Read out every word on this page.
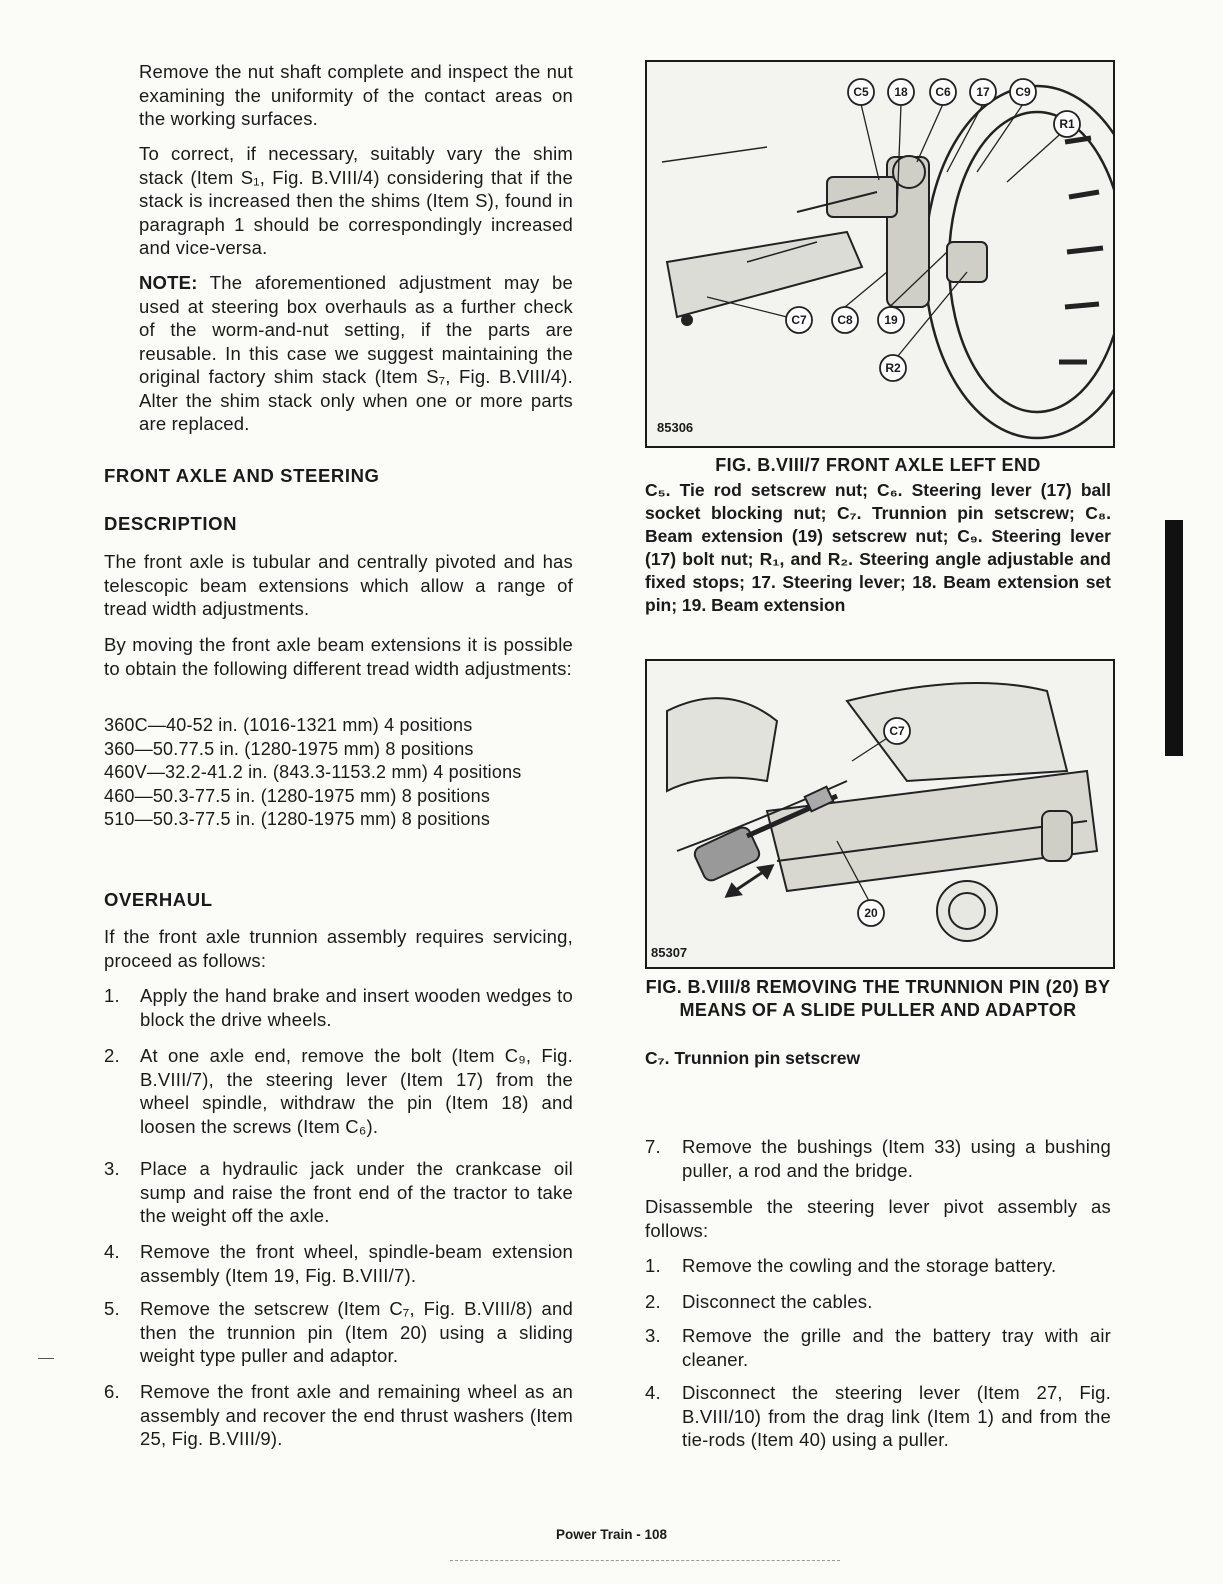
Remove the nut shaft complete and inspect the nut examining the uniformity of the contact areas on the working surfaces.

To correct, if necessary, suitably vary the shim stack (Item S₁, Fig. B.VIII/4) considering that if the stack is increased then the shims (Item S), found in paragraph 1 should be correspondingly increased and vice-versa.

NOTE: The aforementioned adjustment may be used at steering box overhauls as a further check of the worm-and-nut setting, if the parts are reusable. In this case we suggest maintaining the original factory shim stack (Item S₇, Fig. B.VIII/4). Alter the shim stack only when one or more parts are replaced.

FRONT AXLE AND STEERING
DESCRIPTION

The front axle is tubular and centrally pivoted and has telescopic beam extensions which allow a range of tread width adjustments.

By moving the front axle beam extensions it is possible to obtain the following different tread width adjustments:

360C—40-52 in. (1016-1321 mm) 4 positions

360—50.77.5 in. (1280-1975 mm) 8 positions

460V—32.2-41.2 in. (843.3-1153.2 mm) 4 positions

460—50.3-77.5 in. (1280-1975 mm) 8 positions

510—50.3-77.5 in. (1280-1975 mm) 8 positions

OVERHAUL

If the front axle trunnion assembly requires servicing, proceed as follows:

1. Apply the hand brake and insert wooden wedges to block the drive wheels.
2. At one axle end, remove the bolt (Item C₉, Fig. B.VIII/7), the steering lever (Item 17) from the wheel spindle, withdraw the pin (Item 18) and loosen the screws (Item C₆).
3. Place a hydraulic jack under the crankcase oil sump and raise the front end of the tractor to take the weight off the axle.
4. Remove the front wheel, spindle-beam extension assembly (Item 19, Fig. B.VIII/7).
5. Remove the setscrew (Item C₇, Fig. B.VIII/8) and then the trunnion pin (Item 20) using a sliding weight type puller and adaptor.
6. Remove the front axle and remaining wheel as an assembly and recover the end thrust washers (Item 25, Fig. B.VIII/9).
C5 18 C6 17 C9
R1
C7	C8	19
R2
85306
FIG. B.VIII/7 FRONT AXLE LEFT END
C₅. Tie rod setscrew nut; C₆. Steering lever (17) ball socket blocking nut; C₇. Trunnion pin setscrew; C₈. Beam extension (19) setscrew nut; C₉. Steering lever (17) bolt nut; R₁, and R₂. Steering angle adjustable and fixed stops; 17. Steering lever; 18. Beam extension set pin; 19. Beam extension
C7
20
85307
FIG. B.VIII/8 REMOVING THE TRUNNION PIN (20) BY MEANS OF A SLIDE PULLER AND ADAPTOR
C₇. Trunnion pin setscrew
7. Remove the bushings (Item 33) using a bushing puller, a rod and the bridge.

Disassemble the steering lever pivot assembly as follows:

1. Remove the cowling and the storage battery.
2. Disconnect the cables.
3. Remove the grille and the battery tray with air cleaner.
4. Disconnect the steering lever (Item 27, Fig. B.VIII/10) from the drag link (Item 1) and from the tie-rods (Item 40) using a puller.
Power Train - 108
